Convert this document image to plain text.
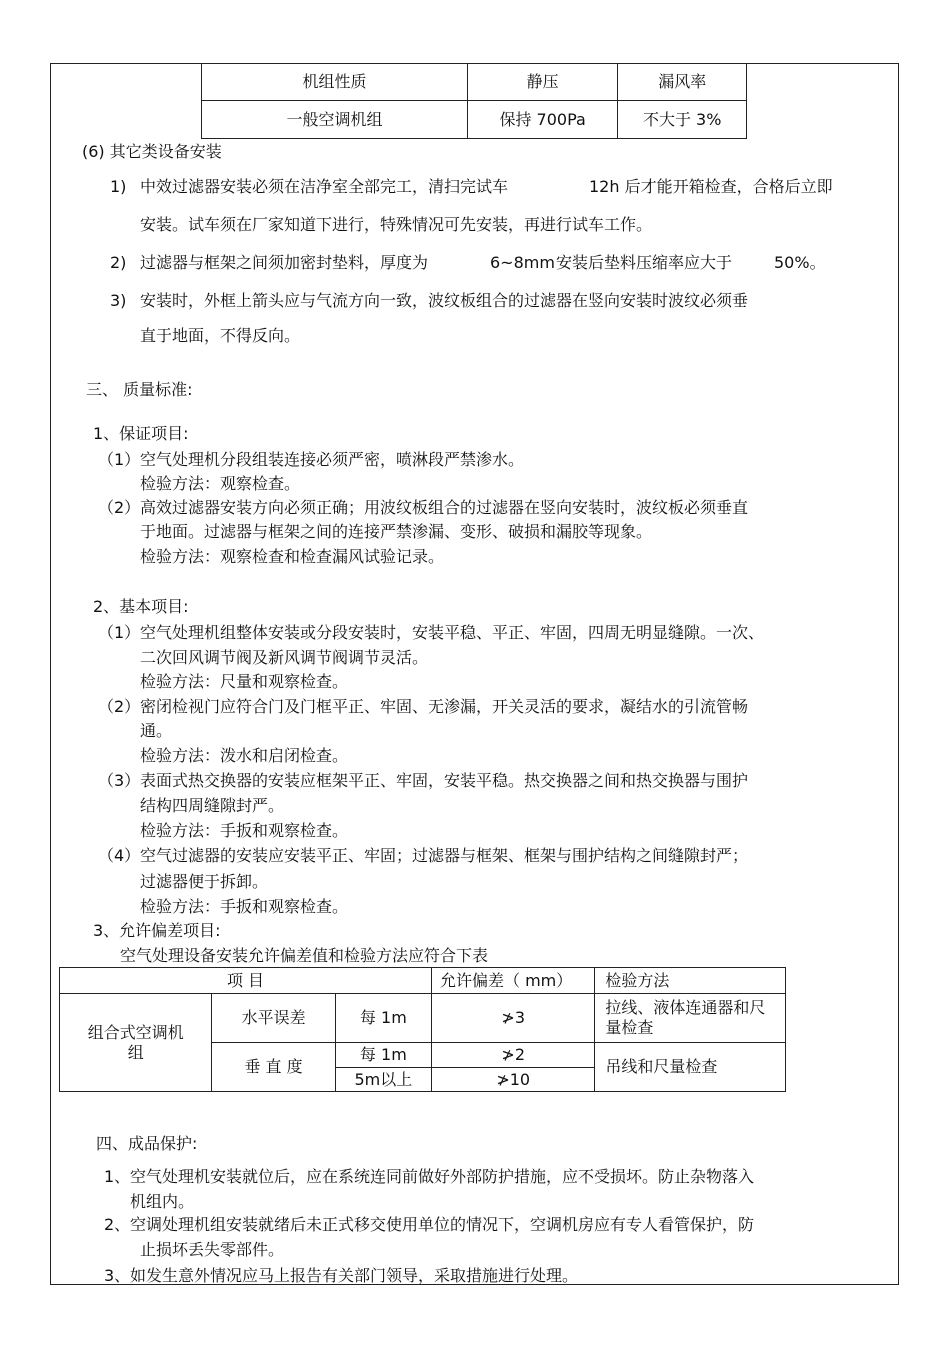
机组性质	静压	漏风率
一般空调机组	保持 700Pa	不大于 3%
(6) 其它类设备安装
1) 中效过滤器安装必须在洁净室全部完工，清扫完试车	12h 后才能开箱检查，合格后立即
安装。试车须在厂家知道下进行，特殊情况可先安装，再进行试车工作。
2) 过滤器与框架之间须加密封垫料，厚度为	6~8mm 安装后垫料压缩率应大于	50%。
3) 安装时，外框上箭头应与气流方向一致，波纹板组合的过滤器在竖向安装时波纹必须垂
直于地面，不得反向。
三、 质量标准:
1、保证项目:
（1） 空气处理机分段组装连接必须严密，喷淋段严禁渗水。
检验方法：观察检查。
（2） 高效过滤器安装方向必须正确；用波纹板组合的过滤器在竖向安装时，波纹板必须垂直
于地面。过滤器与框架之间的连接严禁渗漏、变形、破损和漏胶等现象。
检验方法：观察检查和检查漏风试验记录。
2、基本项目:
（1） 空气处理机组整体安装或分段安装时，安装平稳、平正、牢固，四周无明显缝隙。一次、
二次回风调节阀及新风调节阀调节灵活。
检验方法：尺量和观察检查。
（2） 密闭检视门应符合门及门框平正、牢固、无渗漏，开关灵活的要求，凝结水的引流管畅
通。
检验方法：泼水和启闭检查。
（3） 表面式热交换器的安装应框架平正、牢固，安装平稳。热交换器之间和热交换器与围护
结构四周缝隙封严。
检验方法：手扳和观察检查。
（4） 空气过滤器的安装应安装平正、牢固；过滤器与框架、框架与围护结构之间缝隙封严；
过滤器便于拆卸。
检验方法：手扳和观察检查。
3、允许偏差项目:
空气处理设备安装允许偏差值和检验方法应符合下表
项 目			允许偏差（ mm）	检验方法
组合式空调机组	水平误差	每 1m	≯3	拉线、液体连通器和尺量检查
	垂 直 度	每 1m	≯2	吊线和尺量检查
		5m以上	≯10	
四、成品保护:
1、 空气处理机安装就位后，应在系统连同前做好外部防护措施，应不受损坏。防止杂物落入
机组内。
2、 空调处理机组安装就绪后未正式移交使用单位的情况下，空调机房应有专人看管保护，防
止损坏丢失零部件。
3、 如发生意外情况应马上报告有关部门领导，采取措施进行处理。
